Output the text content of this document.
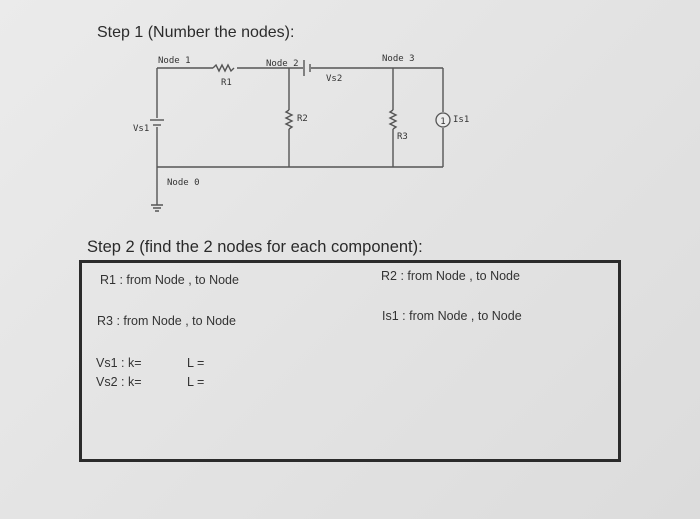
Step 1 (Number the nodes):
1
Node 1
R1
Node 2
Vs2
Node 3
R2
R3
Is1
Vs1
Node 0
Step 2 (find the 2 nodes for each component):
R1 : from Node , to Node	R2 : from Node , to Node
R3 : from Node , to Node	Is1 : from Node , to Node
Vs1 : k=
Vs2 : k=
L =
L =
